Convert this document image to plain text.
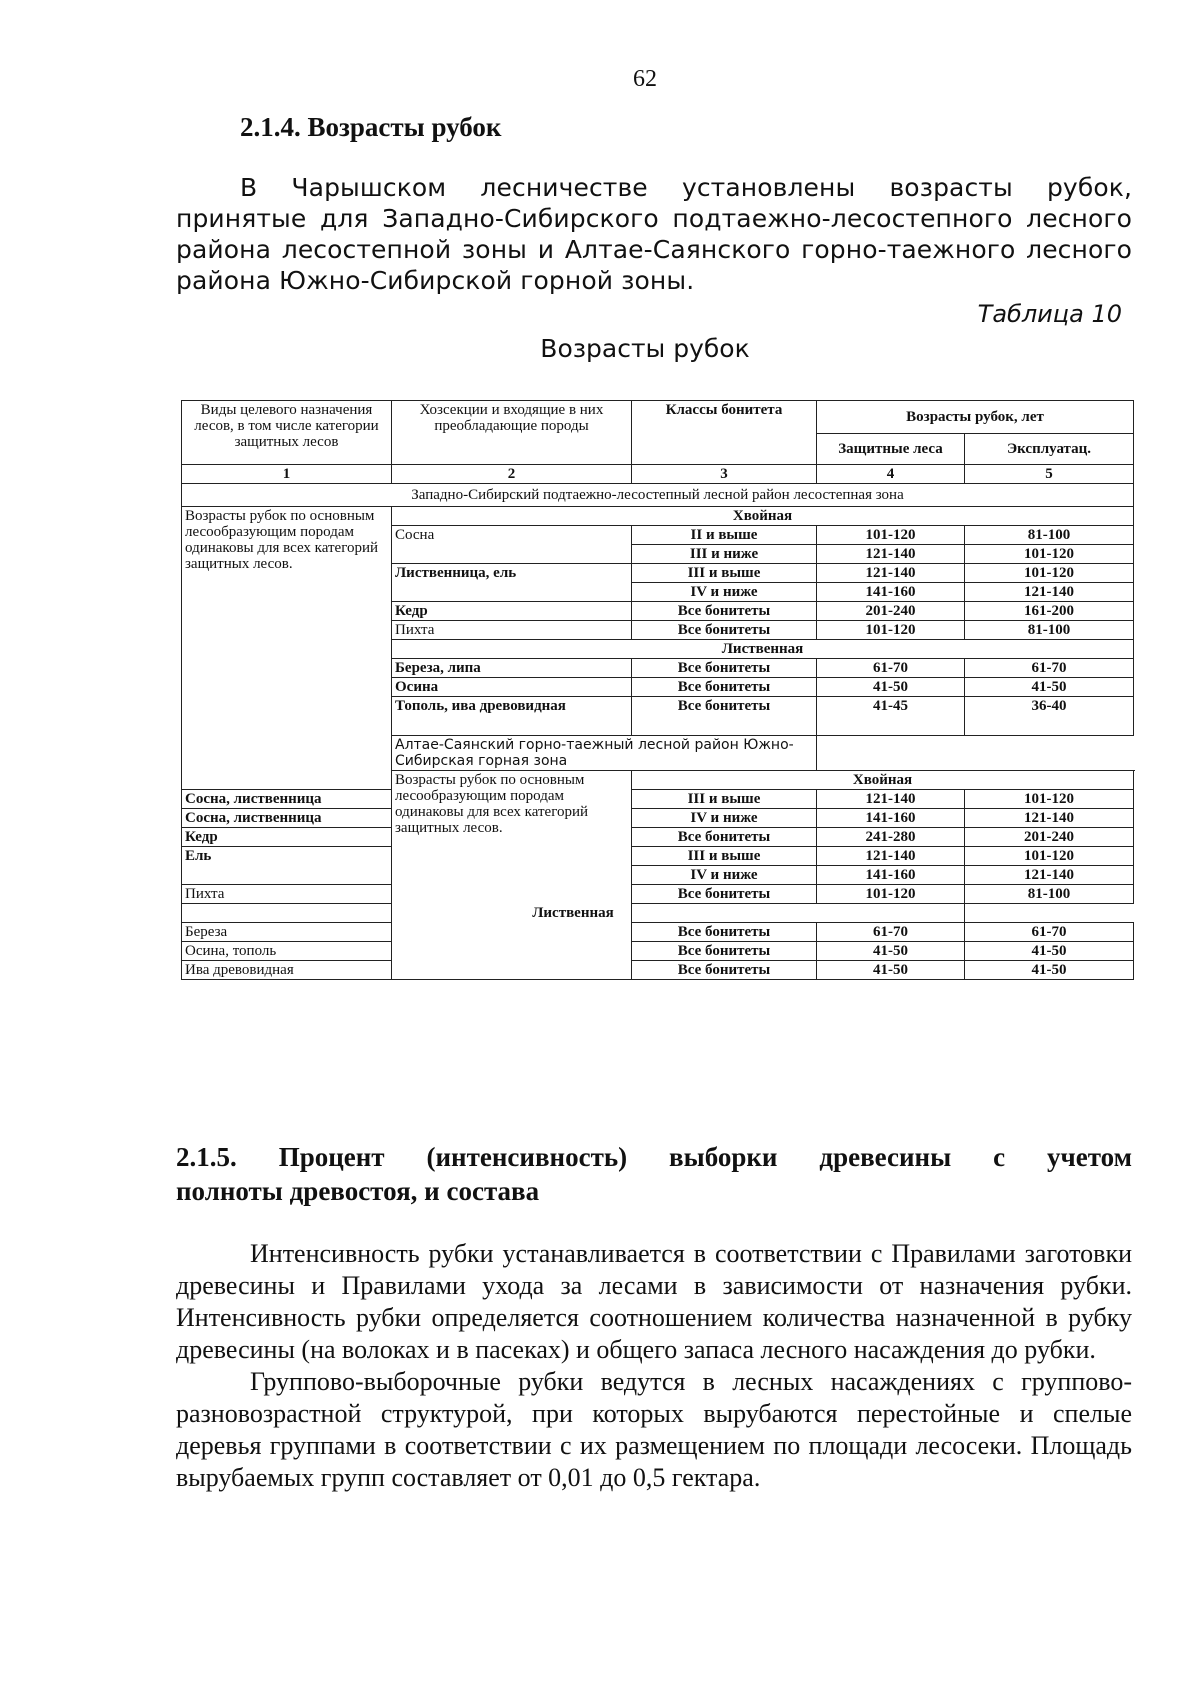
62
2.1.4. Возрасты рубок

В Чарышском лесничестве установлены возрасты рубок, принятые для Западно-Сибирского подтаежно-лесостепного лесного района лесостепной зоны и Алтае-Саянского горно-таежного лесного района Южно-Сибирской горной зоны.

Таблица 10
Возрасты рубок
Виды целевого назначения лесов, в том числе категории защитных лесов	Хозсекции и входящие в них преобладающие породы	Классы бонитета	Возрасты рубок, лет	
			Защитные леса	Эксплуатац.
1	2	3	4	5
Западно-Сибирский подтаежно-лесостепный лесной район лесостепная зона				
Возрасты рубок по основным лесообразующим породам одинаковы для всех категорий защитных лесов.	Хвойная			
	Сосна	II и выше	101-120	81-100
		III и ниже	121-140	101-120
	Лиственница, ель	III и выше	121-140	101-120
		IV и ниже	141-160	121-140
	Кедр	Все бонитеты	201-240	161-200
	Пихта	Все бонитеты	101-120	81-100
	Лиственная			
	Береза, липа	Все бонитеты	61-70	61-70
	Осина	Все бонитеты	41-50	41-50
	Тополь, ива древовидная	Все бонитеты	41-45	36-40
	Алтае-Саянский горно-таежный лесной район Южно-Сибирская горная зона			
	Возрасты рубок по основным лесообразующим породам одинаковы для всех категорий защитных лесов.	Хвойная		
Сосна, лиственница		III и выше	121-140	101-120
Сосна, лиственница		IV и ниже	141-160	121-140
Кедр		Все бонитеты	241-280	201-240
Ель		III и выше	121-140	101-120
		IV и ниже	141-160	121-140
Пихта		Все бонитеты	101-120	81-100
Лиственная				
Береза		Все бонитеты	61-70	61-70
Осина, тополь		Все бонитеты	41-50	41-50
Ива древовидная		Все бонитеты	41-50	41-50
2.1.5. Процент (интенсивность) выборки древесины с учетом
полноты древостоя, и состава

Интенсивность рубки устанавливается в соответствии с Правилами заготовки древесины и Правилами ухода за лесами в зависимости от назначения рубки. Интенсивность рубки определяется соотношением количества назначенной в рубку древесины (на волоках и в пасеках) и общего запаса лесного насаждения до рубки.

Группово-выборочные рубки ведутся в лесных насаждениях с группово-разновозрастной структурой, при которых вырубаются перестойные и спелые деревья группами в соответствии с их размещением по площади лесосеки. Площадь вырубаемых групп составляет от 0,01 до 0,5 гектара.
